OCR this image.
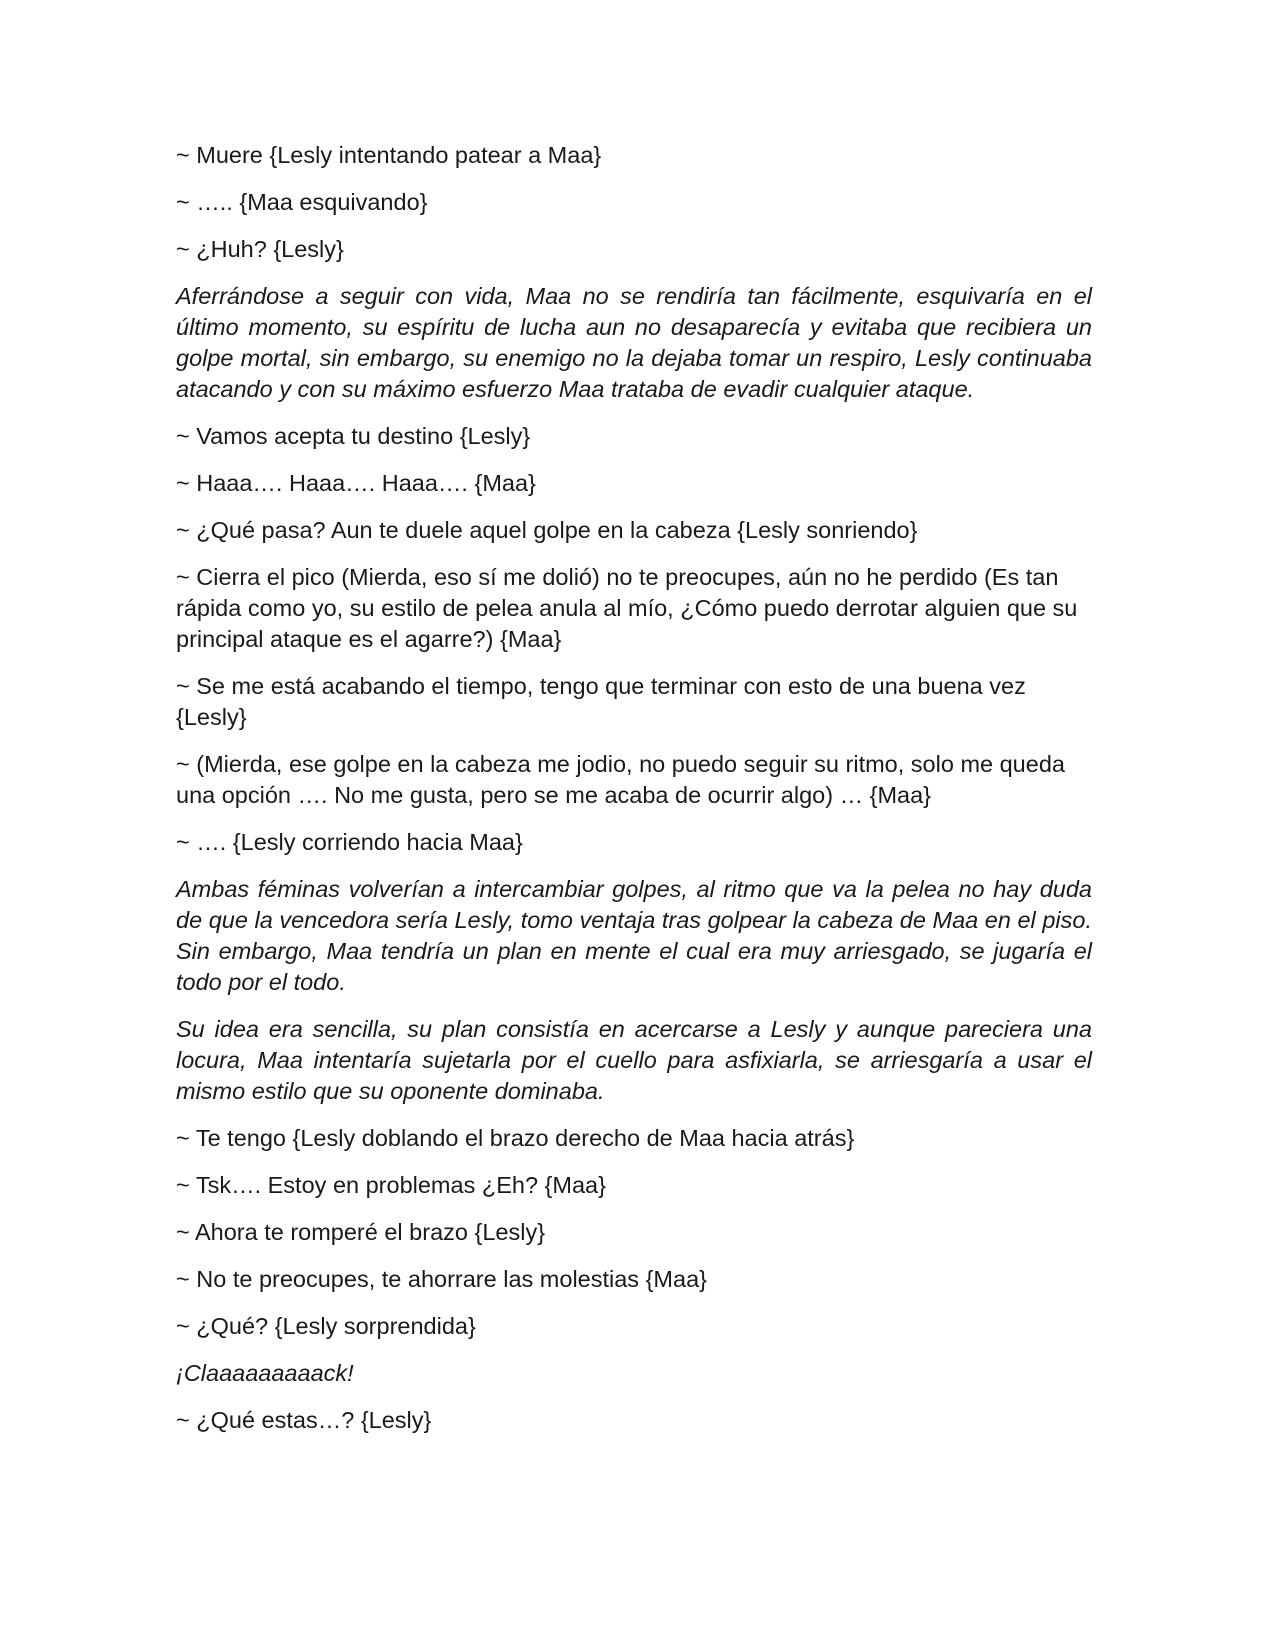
~ Muere {Lesly intentando patear a Maa}

~ ….. {Maa esquivando}

~ ¿Huh? {Lesly}

Aferrándose a seguir con vida, Maa no se rendiría tan fácilmente, esquivaría en el último momento, su espíritu de lucha aun no desaparecía y evitaba que recibiera un golpe mortal, sin embargo, su enemigo no la dejaba tomar un respiro, Lesly continuaba atacando y con su máximo esfuerzo Maa trataba de evadir cualquier ataque.

~ Vamos acepta tu destino {Lesly}

~ Haaa…. Haaa…. Haaa…. {Maa}

~ ¿Qué pasa? Aun te duele aquel golpe en la cabeza {Lesly sonriendo}

~ Cierra el pico (Mierda, eso sí me dolió) no te preocupes, aún no he perdido (Es tan rápida como yo, su estilo de pelea anula al mío, ¿Cómo puedo derrotar alguien que su principal ataque es el agarre?) {Maa}

~ Se me está acabando el tiempo, tengo que terminar con esto de una buena vez {Lesly}

~ (Mierda, ese golpe en la cabeza me jodio, no puedo seguir su ritmo, solo me queda una opción …. No me gusta, pero se me acaba de ocurrir algo) … {Maa}

~ …. {Lesly corriendo hacia Maa}

Ambas féminas volverían a intercambiar golpes, al ritmo que va la pelea no hay duda de que la vencedora sería Lesly, tomo ventaja tras golpear la cabeza de Maa en el piso. Sin embargo, Maa tendría un plan en mente el cual era muy arriesgado, se jugaría el todo por el todo.

Su idea era sencilla, su plan consistía en acercarse a Lesly y aunque pareciera una locura, Maa intentaría sujetarla por el cuello para asfixiarla, se arriesgaría a usar el mismo estilo que su oponente dominaba.

~ Te tengo {Lesly doblando el brazo derecho de Maa hacia atrás}

~ Tsk…. Estoy en problemas ¿Eh? {Maa}

~ Ahora te romperé el brazo {Lesly}

~ No te preocupes, te ahorrare las molestias {Maa}

~ ¿Qué? {Lesly sorprendida}

¡Claaaaaaaaack!

~ ¿Qué estas…? {Lesly}
